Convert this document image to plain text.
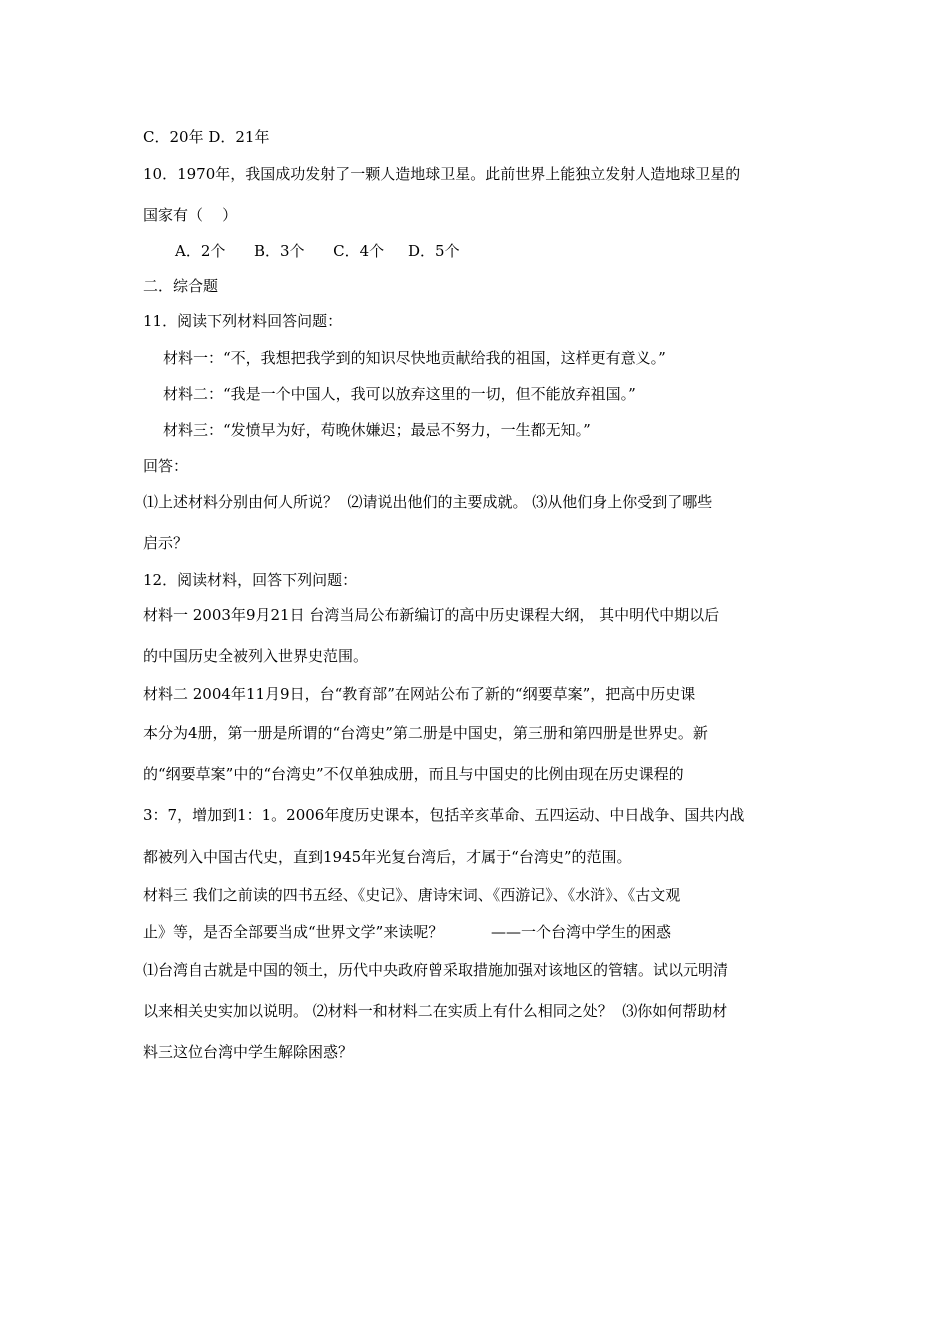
C．20年 D．21年
10．1970年，我国成功发射了一颗人造地球卫星。此前世界上能独立发射人造地球卫星的
国家有（    ）
A．2个      B．3个      C．4个     D．5个
二．综合题
11．阅读下列材料回答问题：
材料一：“不，我想把我学到的知识尽快地贡献给我的祖国，这样更有意义。”
材料二：“我是一个中国人，我可以放弃这里的一切，但不能放弃祖国。”
材料三：“发愤早为好，苟晚休嫌迟；最忌不努力，一生都无知。”
回答：
⑴上述材料分别由何人所说？  ⑵请说出他们的主要成就。 ⑶从他们身上你受到了哪些
启示？
12．阅读材料，回答下列问题：
材料一 2003年9月21日 台湾当局公布新编订的高中历史课程大纲， 其中明代中期以后
的中国历史全被列入世界史范围。
材料二 2004年11月9日，台“教育部”在网站公布了新的“纲要草案”，把高中历史课
本分为4册，第一册是所谓的“台湾史”第二册是中国史，第三册和第四册是世界史。新
的“纲要草案”中的“台湾史”不仅单独成册，而且与中国史的比例由现在历史课程的
3：7，增加到1：1。2006年度历史课本，包括辛亥革命、五四运动、中日战争、国共内战
都被列入中国古代史，直到1945年光复台湾后，才属于“台湾史”的范围。
材料三 我们之前读的四书五经、《史记》、唐诗宋词、《西游记》、《水浒》、《古文观
止》等，是否全部要当成“世界文学”来读呢？          ——一个台湾中学生的困惑
⑴台湾自古就是中国的领土，历代中央政府曾采取措施加强对该地区的管辖。试以元明清
以来相关史实加以说明。 ⑵材料一和材料二在实质上有什么相同之处？  ⑶你如何帮助材
料三这位台湾中学生解除困惑？
